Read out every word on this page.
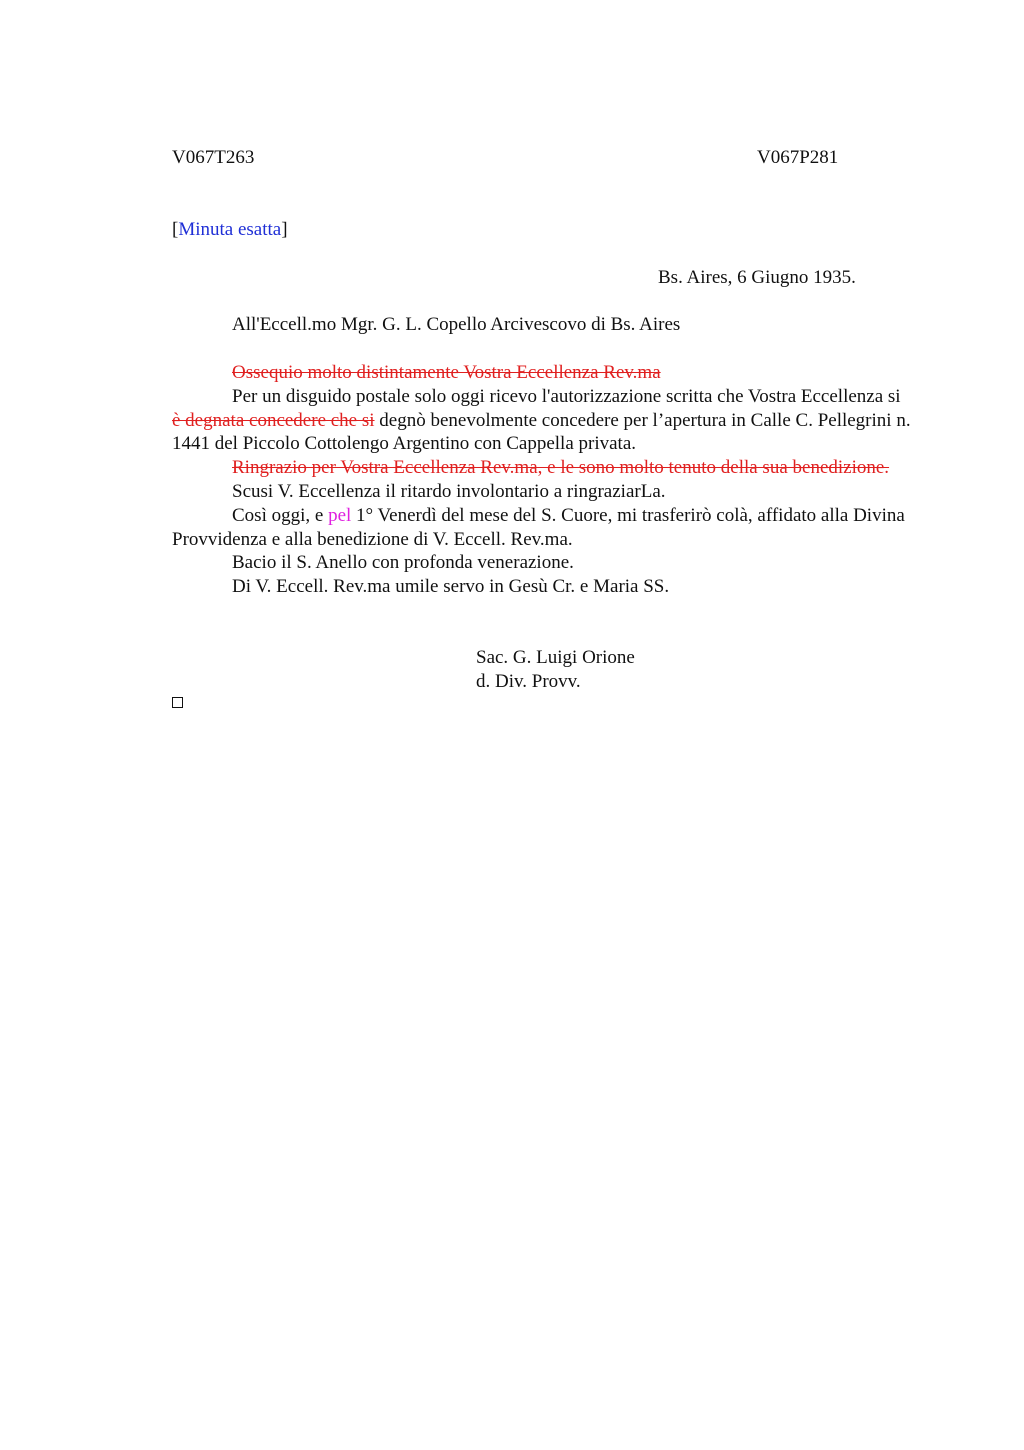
V067T263	V067P281
[Minuta esatta]
Bs. Aires, 6 Giugno 1935.
All'Eccell.mo Mgr. G. L. Copello Arcivescovo di Bs. Aires

Ossequio molto distintamente Vostra Eccellenza Rev.ma

Per un disguido postale solo oggi ricevo l'autorizzazione scritta che Vostra Eccellenza si è degnata concedere che si degnò benevolmente concedere per l’apertura in Calle C. Pellegrini n. 1441 del Piccolo Cottolengo Argentino con Cappella privata.

Ringrazio per Vostra Eccellenza Rev.ma, e le sono molto tenuto della sua benedizione.

Scusi V. Eccellenza il ritardo involontario a ringraziarLa.

Così oggi, e pel 1° Venerdì del mese del S. Cuore, mi trasferirò colà, affidato alla Divina Provvidenza e alla benedizione di V. Eccell. Rev.ma.

Bacio il S. Anello con profonda venerazione.

Di V. Eccell. Rev.ma umile servo in Gesù Cr. e Maria SS.

Sac. G. Luigi Orione
d. Div. Provv.
